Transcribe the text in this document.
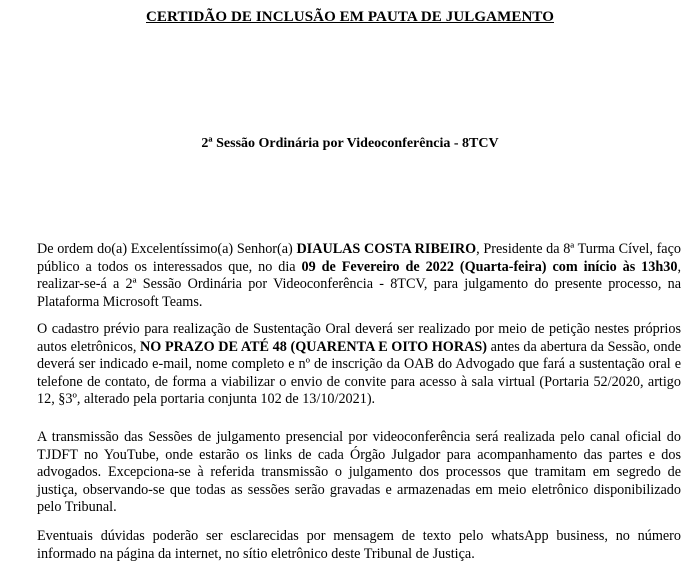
CERTIDÃO DE INCLUSÃO EM PAUTA DE JULGAMENTO
2ª Sessão Ordinária por Videoconferência - 8TCV

De ordem do(a) Excelentíssimo(a) Senhor(a) DIAULAS COSTA RIBEIRO, Presidente da 8ª Turma Cível, faço público a todos os interessados que, no dia 09 de Fevereiro de 2022 (Quarta-feira) com início às 13h30, realizar-se-á a 2ª Sessão Ordinária por Videoconferência - 8TCV, para julgamento do presente processo, na Plataforma Microsoft Teams.

O cadastro prévio para realização de Sustentação Oral deverá ser realizado por meio de petição nestes próprios autos eletrônicos, NO PRAZO DE ATÉ 48 (QUARENTA E OITO HORAS) antes da abertura da Sessão, onde deverá ser indicado e-mail, nome completo e nº de inscrição da OAB do Advogado que fará a sustentação oral e telefone de contato, de forma a viabilizar o envio de convite para acesso à sala virtual (Portaria 52/2020, artigo 12, §3º, alterado pela portaria conjunta 102 de 13/10/2021).

A transmissão das Sessões de julgamento presencial por videoconferência será realizada pelo canal oficial do TJDFT no YouTube, onde estarão os links de cada Órgão Julgador para acompanhamento das partes e dos advogados. Excepciona-se à referida transmissão o julgamento dos processos que tramitam em segredo de justiça, observando-se que todas as sessões serão gravadas e armazenadas em meio eletrônico disponibilizado pelo Tribunal.

Eventuais dúvidas poderão ser esclarecidas por mensagem de texto pelo whatsApp business, no número informado na página da internet, no sítio eletrônico deste Tribunal de Justiça.
